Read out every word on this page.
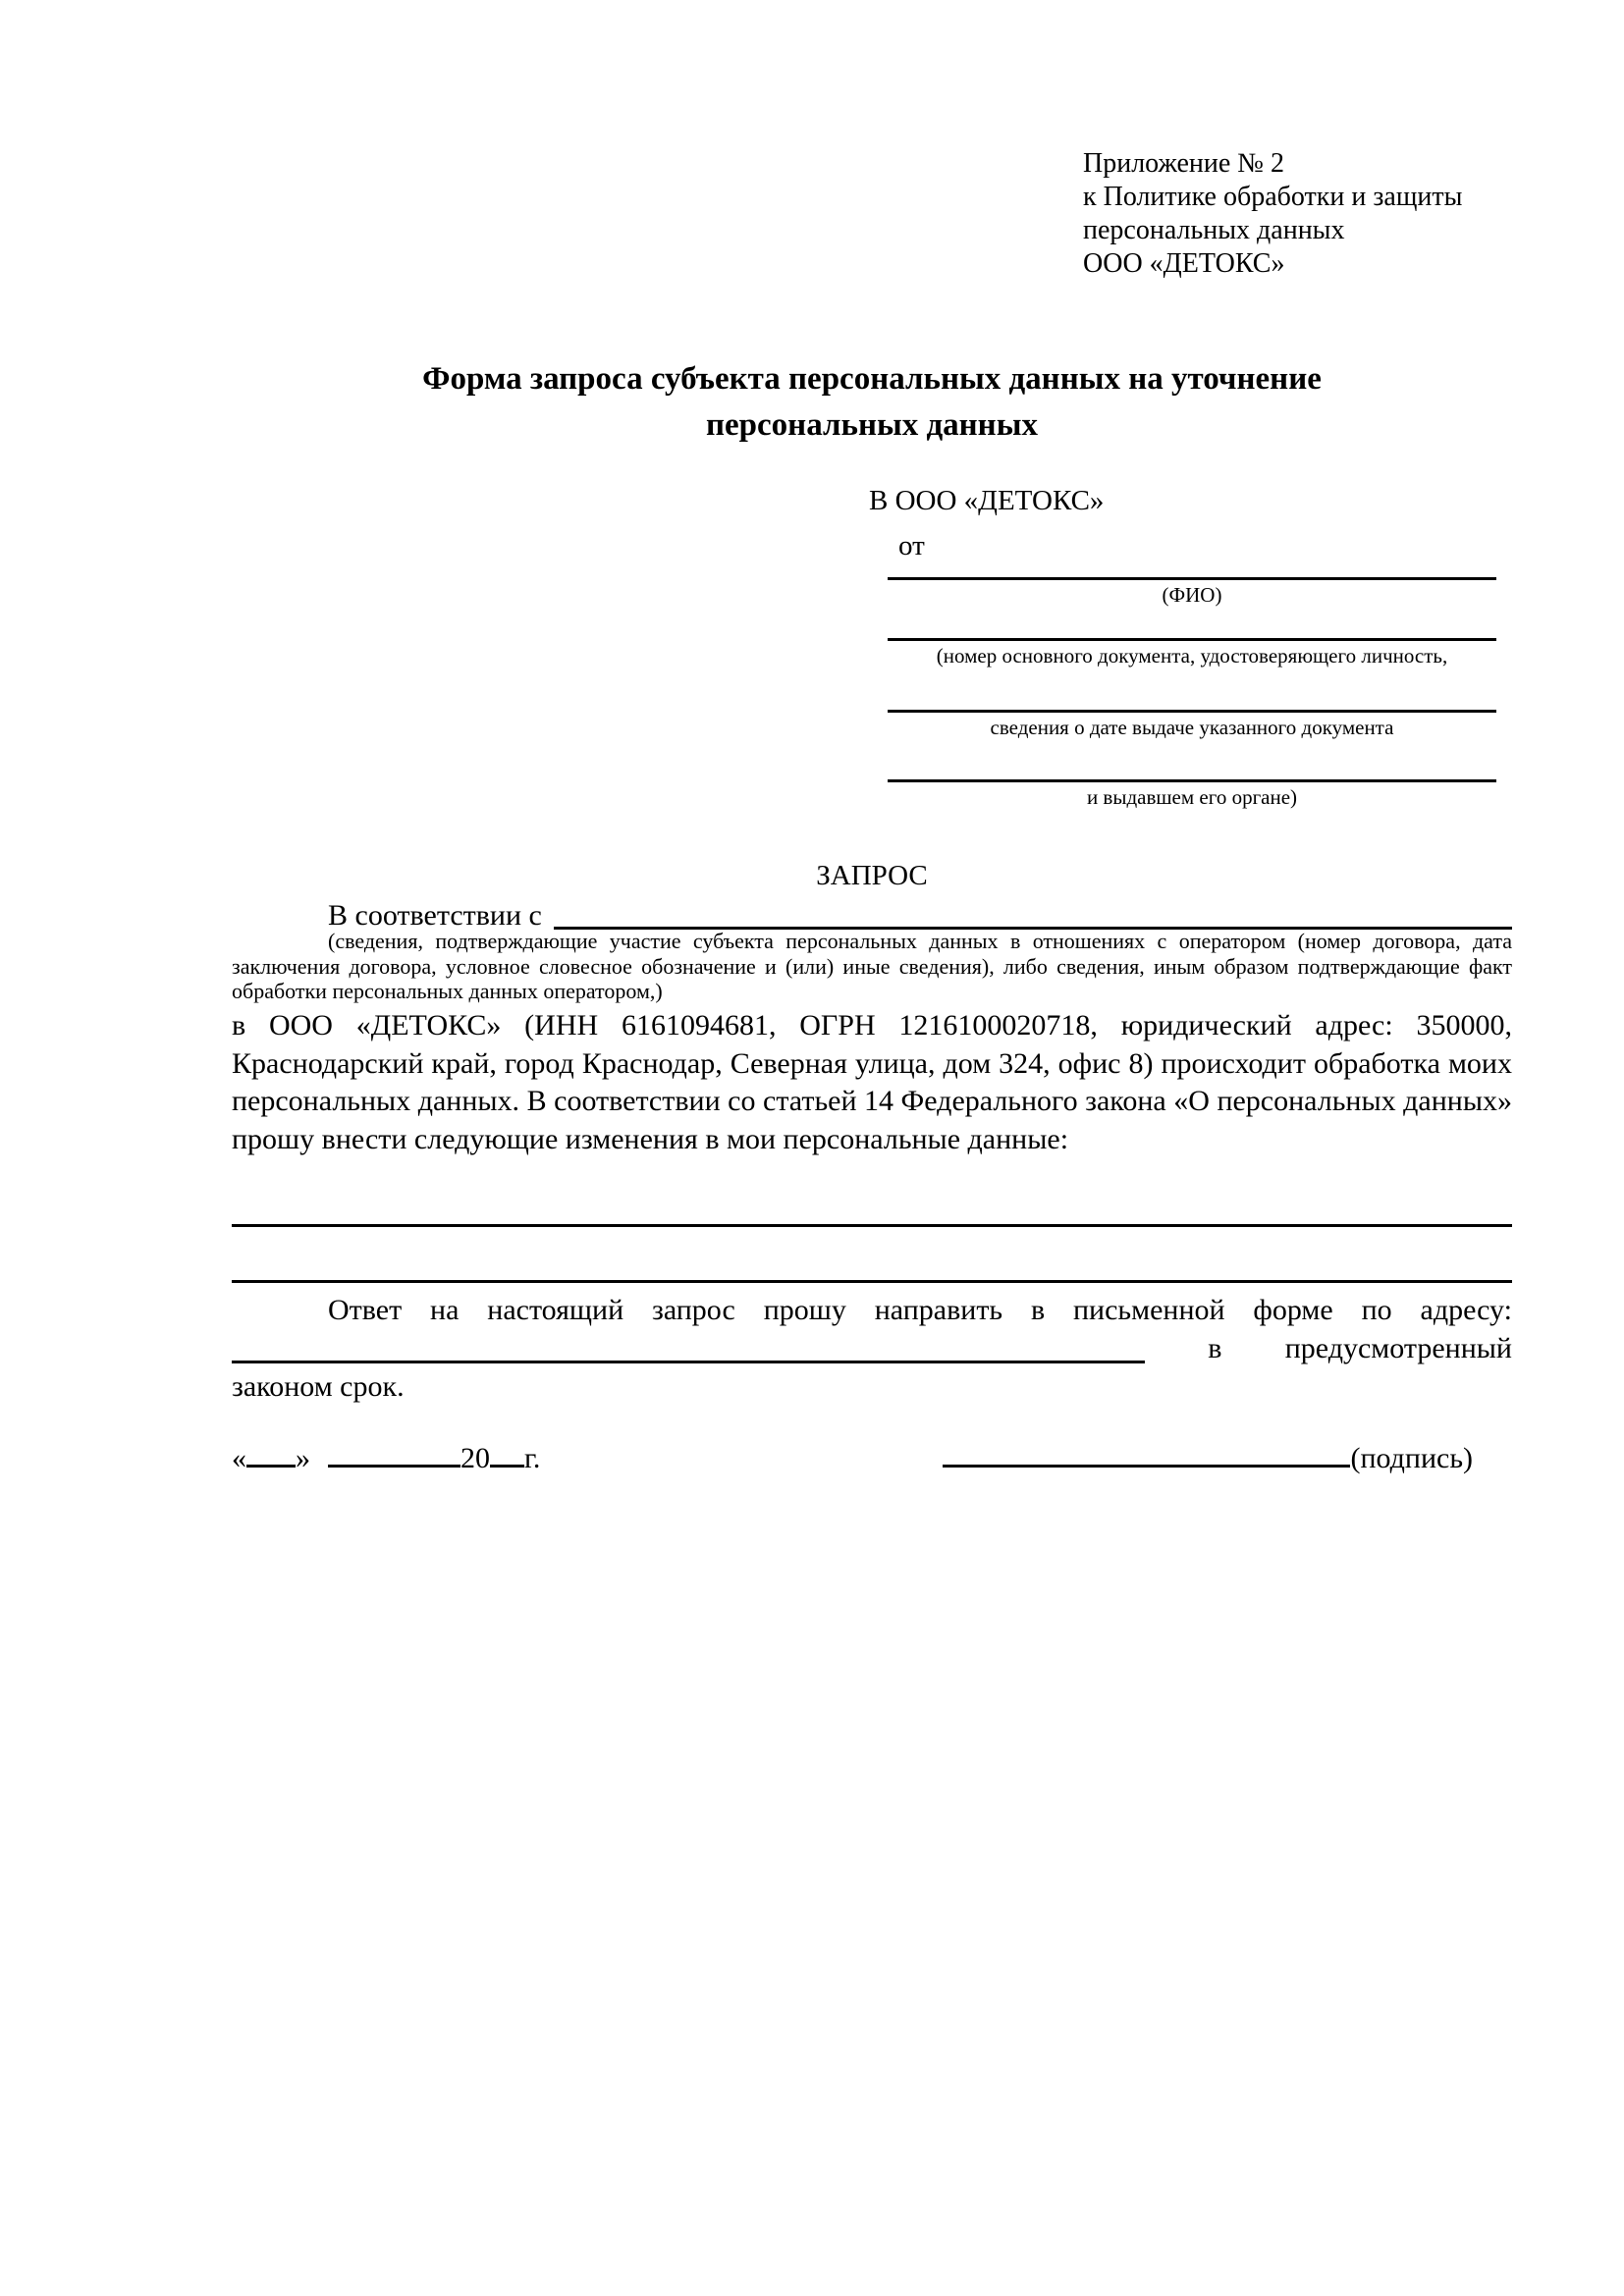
Приложение № 2
к Политике обработки и защиты
персональных данных
ООО «ДЕТОКС»
Форма запроса субъекта персональных данных на уточнение
персональных данных
В ООО «ДЕТОКС»
от
(ФИО)
(номер основного документа, удостоверяющего личность,
сведения о дате выдаче указанного документа
и выдавшем его органе)
ЗАПРОС
В соответствии с
(сведения, подтверждающие участие субъекта персональных данных в отношениях с оператором (номер договора, дата заключения договора, условное словесное обозначение и (или) иные сведения), либо сведения, иным образом подтверждающие факт обработки персональных данных оператором,)
в ООО «ДЕТОКС» (ИНН 6161094681, ОГРН 1216100020718, юридический адрес: 350000, Краснодарский край, город Краснодар, Северная улица, дом 324, офис 8) происходит обработка моих персональных данных. В соответствии со статьей 14 Федерального закона «О персональных данных» прошу внести следующие изменения в мои персональные данные:
Ответ на настоящий запрос прошу направить в письменной форме по адресу:
в предусмотренный
законом срок.
« »	20 г.	(подпись)
